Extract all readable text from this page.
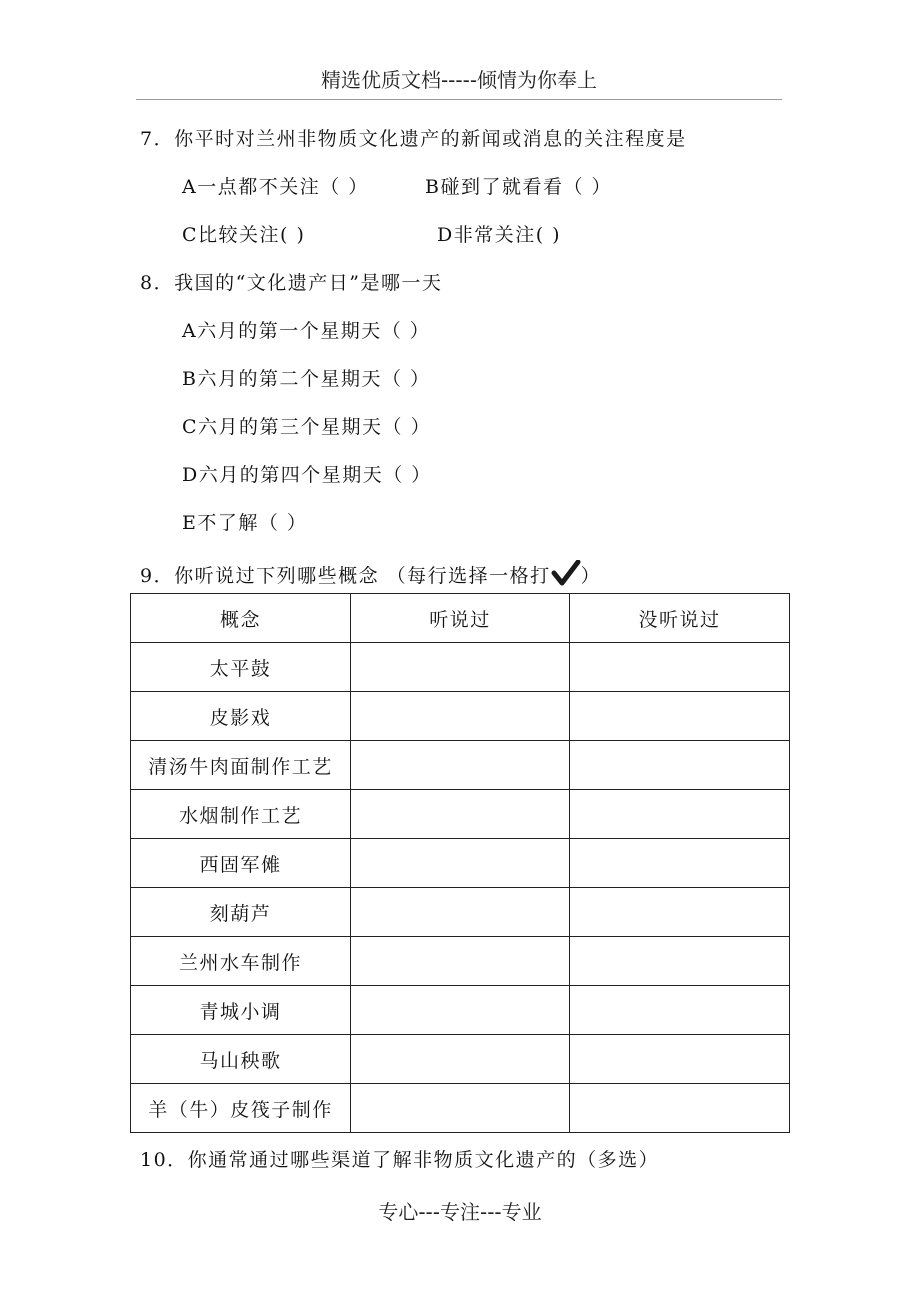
精选优质文档-----倾情为你奉上
7．你平时对兰州非物质文化遗产的新闻或消息的关注程度是
A一点都不关注（ ）	B碰到了就看看（ ）
C比较关注( )	D非常关注( )
8．我国的“文化遗产日”是哪一天
A六月的第一个星期天（ ）
B六月的第二个星期天（ ）
C六月的第三个星期天（ ）
D六月的第四个星期天（ ）
E不了解（ ）
9．你听说过下列哪些概念 （每行选择一格打 ）
概念	听说过	没听说过
太平鼓		
皮影戏		
清汤牛肉面制作工艺		
水烟制作工艺		
西固军傩		
刻葫芦		
兰州水车制作		
青城小调		
马山秧歌		
羊（牛）皮筏子制作		
10．你通常通过哪些渠道了解非物质文化遗产的（多选）
专心---专注---专业
